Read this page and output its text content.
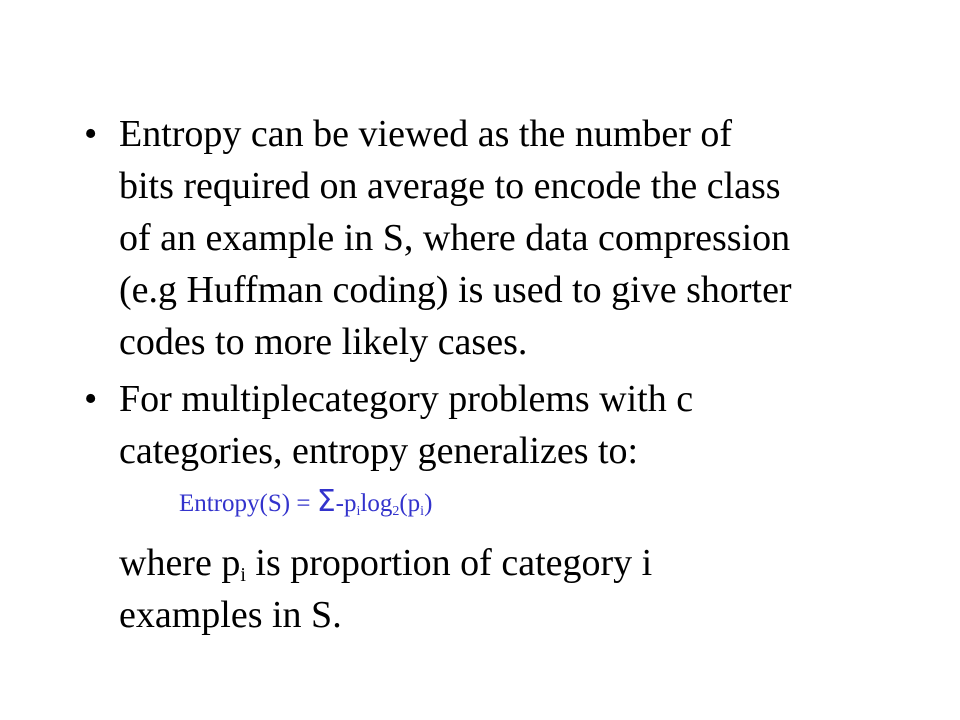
• Entropy can be viewed as the number of
bits required on average to encode the class
of an example in S, where data compression
(e.g Huffman coding) is used to give shorter
codes to more likely cases.
• For multiplecategory problems with c
categories, entropy generalizes to:
Entropy(S) = $\Sigma-p_i\log_2(p_i)$
where $p_i$ is proportion of category i
examples in S.
